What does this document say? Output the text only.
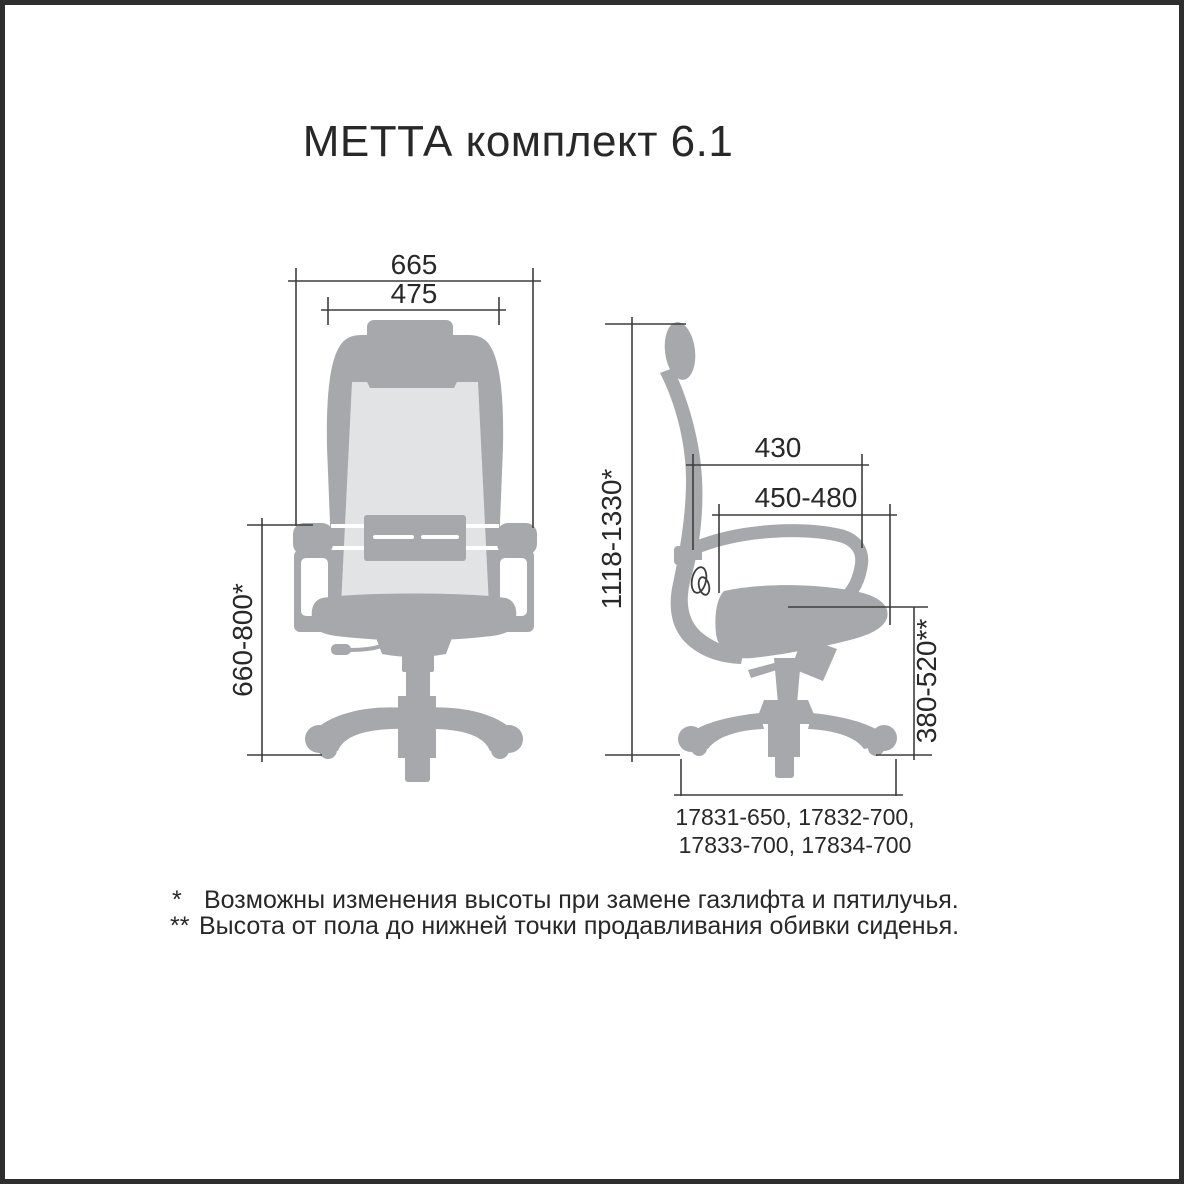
МЕТТА комплект 6.1
665
475
660-800*
1118-1330*
430
450-480
380-520**
17831-650, 17832-700,
17833-700, 17834-700
* Возможны изменения высоты при замене газлифта и пятилучья.
** Высота от пола до нижней точки продавливания обивки сиденья.
